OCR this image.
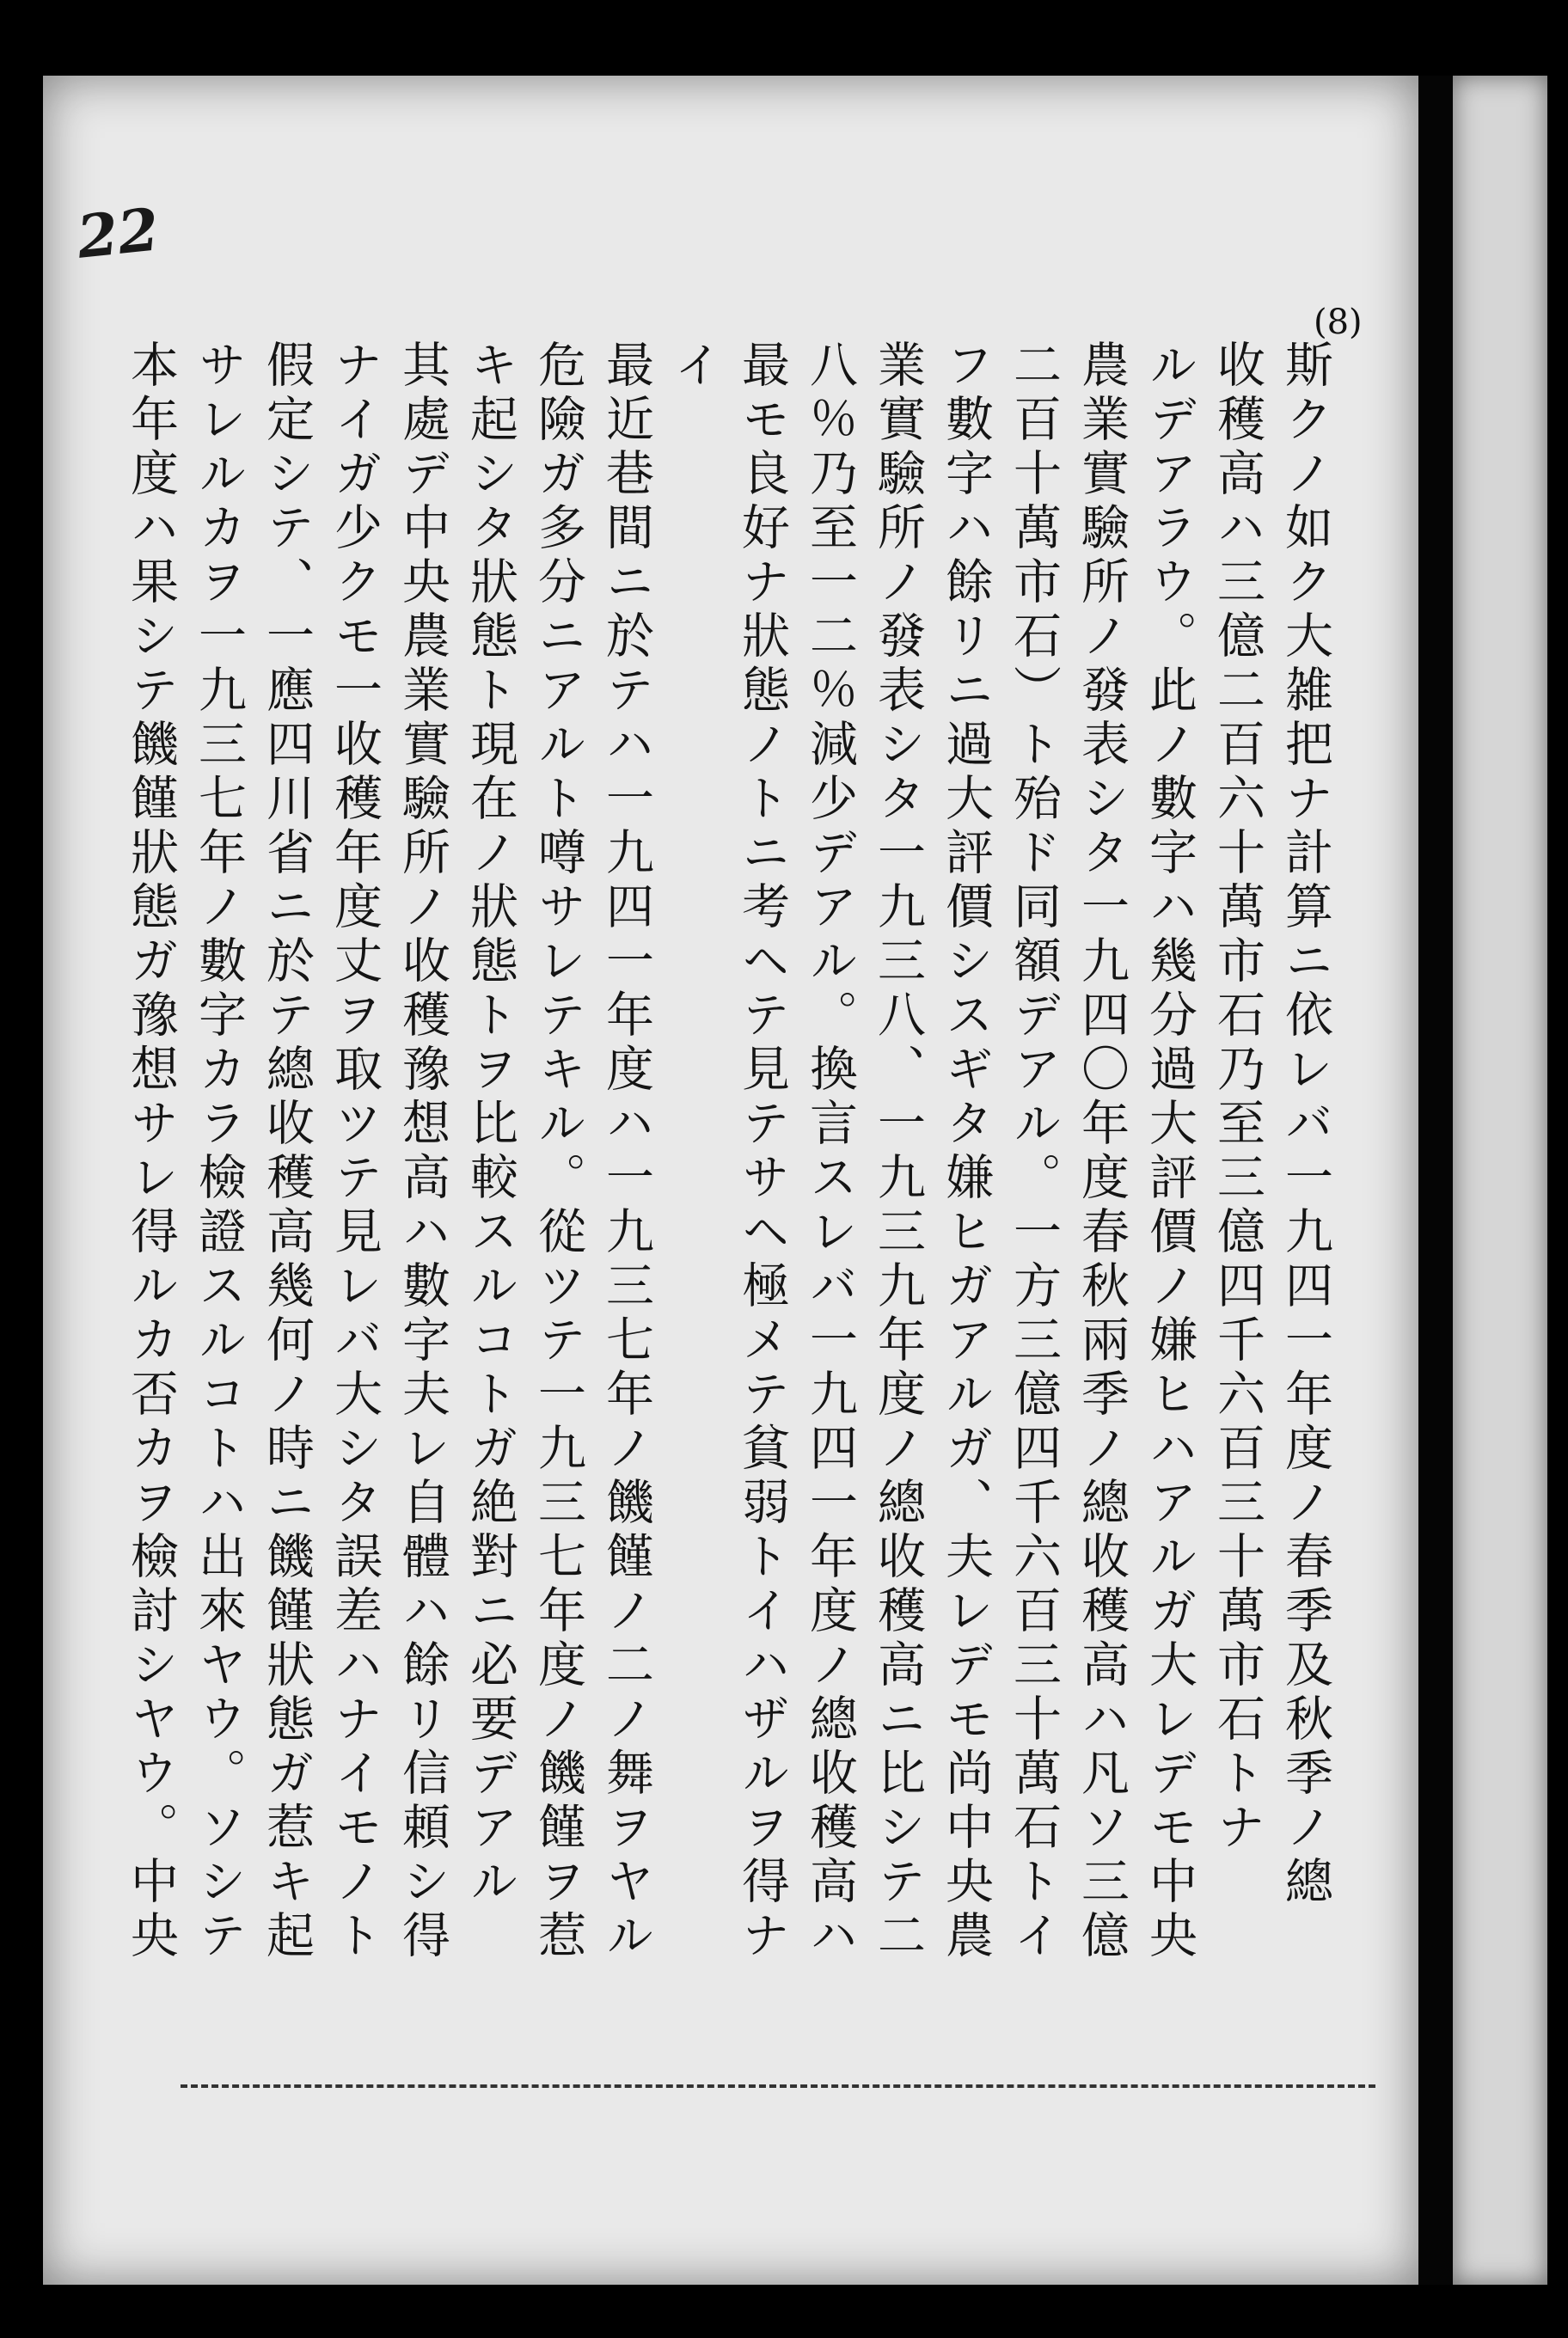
22
(8)
斯クノ如ク大雑把ナ計算ニ依レバ一九四一年度ノ春季及秋季ノ總
收穫高ハ三億二百六十萬市石乃至三億四千六百三十萬市石トナ
ルデアラウ。此ノ數字ハ幾分過大評價ノ嫌ヒハアルガ大レデモ中央
農業實驗所ノ發表シタ一九四〇年度春秋兩季ノ總收穫高ハ凡ソ三億
二百十萬市石）ト殆ド同額デアル。一方三億四千六百三十萬石トイ
フ數字ハ餘リニ過大評價シスギタ嫌ヒガアルガ、夫レデモ尚中央農
業實驗所ノ發表シタ一九三八、一九三九年度ノ總收穫高ニ比シテ二
八％乃至一二％減少デアル。換言スレバ一九四一年度ノ總收穫高ハ
最モ良好ナ狀態ノトニ考ヘテ見テサヘ極メテ貧弱トイハザルヲ得ナ
イ
最近巷間ニ於テハ一九四一年度ハ一九三七年ノ饑饉ノ二ノ舞ヲヤル
危險ガ多分ニアルト噂サレテキル。從ツテ一九三七年度ノ饑饉ヲ惹
キ起シタ狀態ト現在ノ狀態トヲ比較スルコトガ絶對ニ必要デアル
其處デ中央農業實驗所ノ收穫豫想高ハ數字夫レ自體ハ餘リ信頼シ得
ナイガ少クモ一收穫年度丈ヲ取ツテ見レバ大シタ誤差ハナイモノト
假定シテ、一應四川省ニ於テ總收穫高幾何ノ時ニ饑饉狀態ガ惹キ起
サレルカヲ一九三七年ノ數字カラ檢證スルコトハ出來ヤウ。ソシテ
本年度ハ果シテ饑饉狀態ガ豫想サレ得ルカ否カヲ檢討シヤウ。中央
